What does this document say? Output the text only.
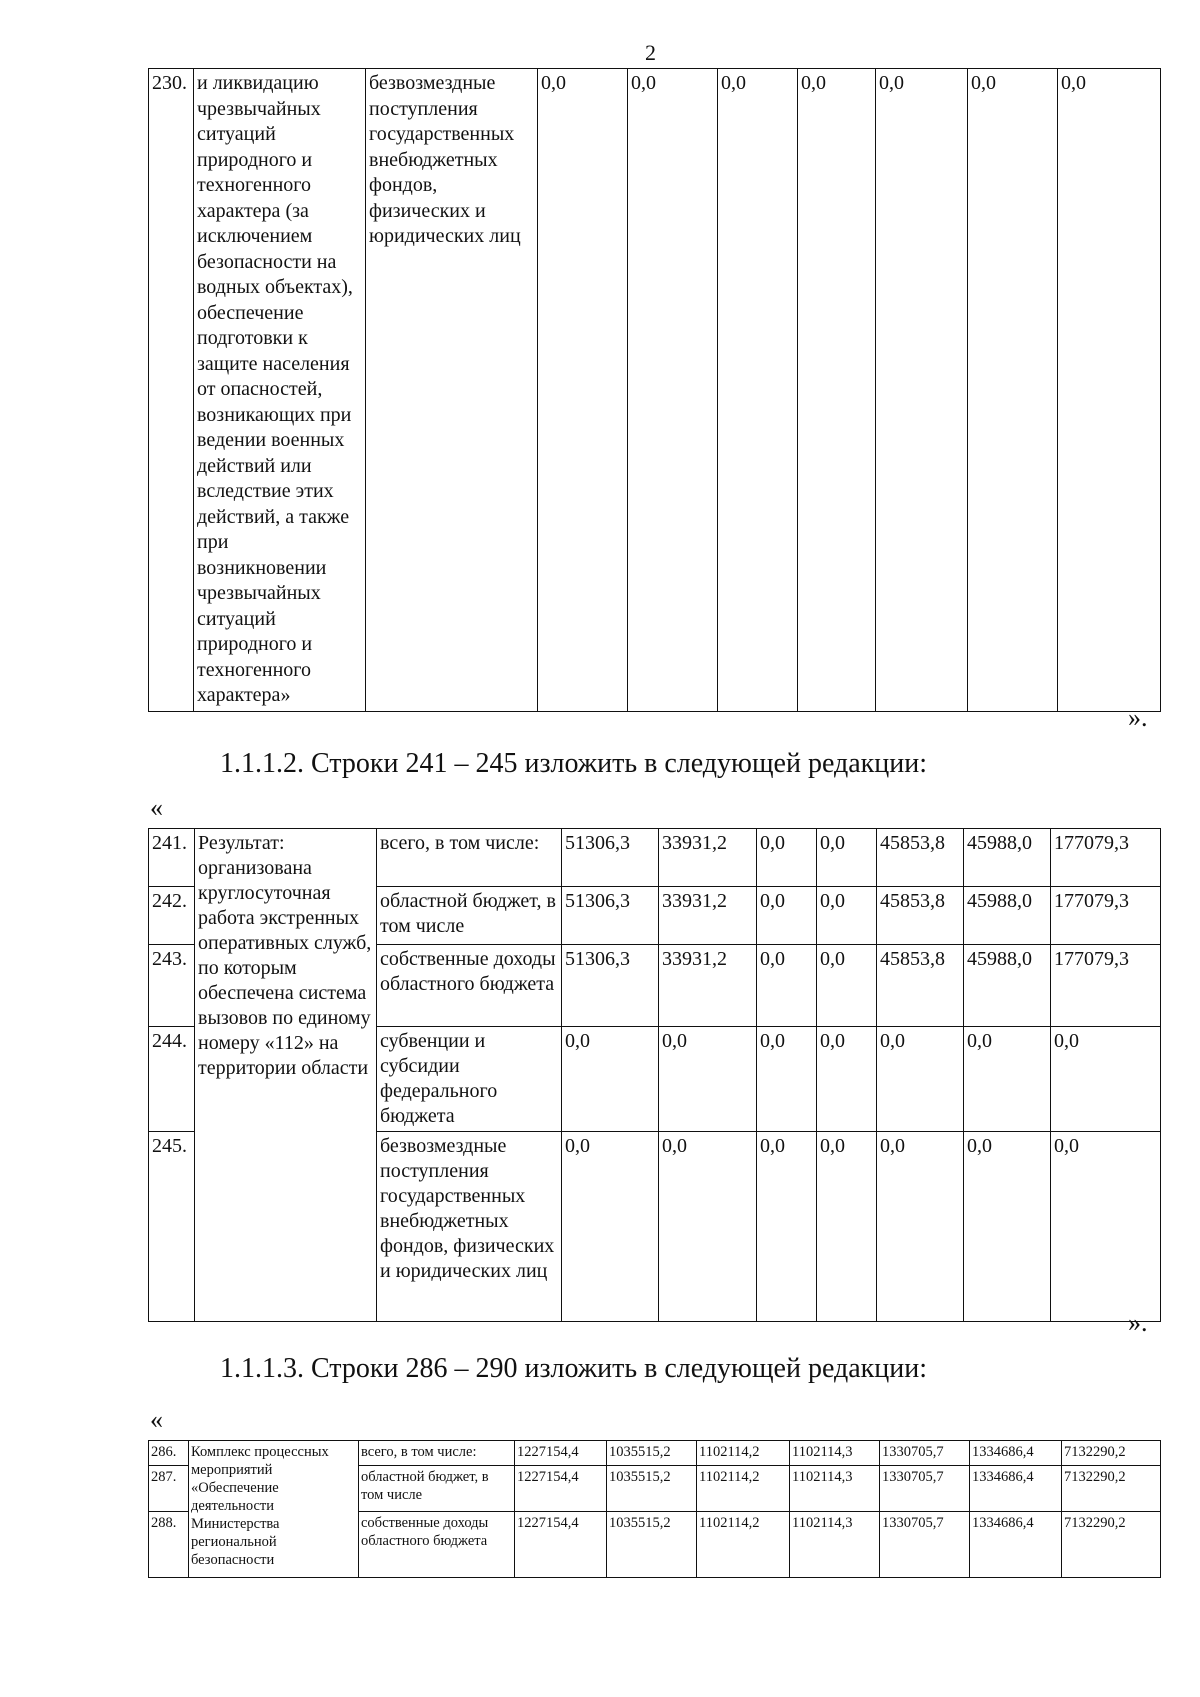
2
230.	и ликвидацию чрезвычайных ситуаций природного и техногенного характера (за исключением безопасности на водных объектах), обеспечение подготовки к защите населения от опасностей, возникающих при ведении военных действий или вследствие этих действий, а также при возникновении чрезвычайных ситуаций природного и техногенного характера»	безвозмездные поступления государственных внебюджетных фондов, физических и юридических лиц	0,0	0,0	0,0	0,0	0,0	0,0	0,0
».
1.1.1.2. Строки 241 – 245 изложить в следующей редакции:
«
241.	Результат: организована круглосуточная работа экстренных оперативных служб, по которым обеспечена система вызовов по единому номеру «112» на территории области	всего, в том числе:	51306,3	33931,2	0,0	0,0	45853,8	45988,0	177079,3
242.		областной бюджет, в том числе	51306,3	33931,2	0,0	0,0	45853,8	45988,0	177079,3
243.		собственные доходы областного бюджета	51306,3	33931,2	0,0	0,0	45853,8	45988,0	177079,3
244.		субвенции и субсидии федерального бюджета	0,0	0,0	0,0	0,0	0,0	0,0	0,0
245.		безвозмездные поступления государственных внебюджетных фондов, физических и юридических лиц	0,0	0,0	0,0	0,0	0,0	0,0	0,0
».
1.1.1.3. Строки 286 – 290 изложить в следующей редакции:
«
286.	Комплекс процессных мероприятий «Обеспечение деятельности Министерства региональной безопасности	всего, в том числе:	1227154,4	1035515,2	1102114,2	1102114,3	1330705,7	1334686,4	7132290,2
287.		областной бюджет, в том числе	1227154,4	1035515,2	1102114,2	1102114,3	1330705,7	1334686,4	7132290,2
288.		собственные доходы областного бюджета	1227154,4	1035515,2	1102114,2	1102114,3	1330705,7	1334686,4	7132290,2
